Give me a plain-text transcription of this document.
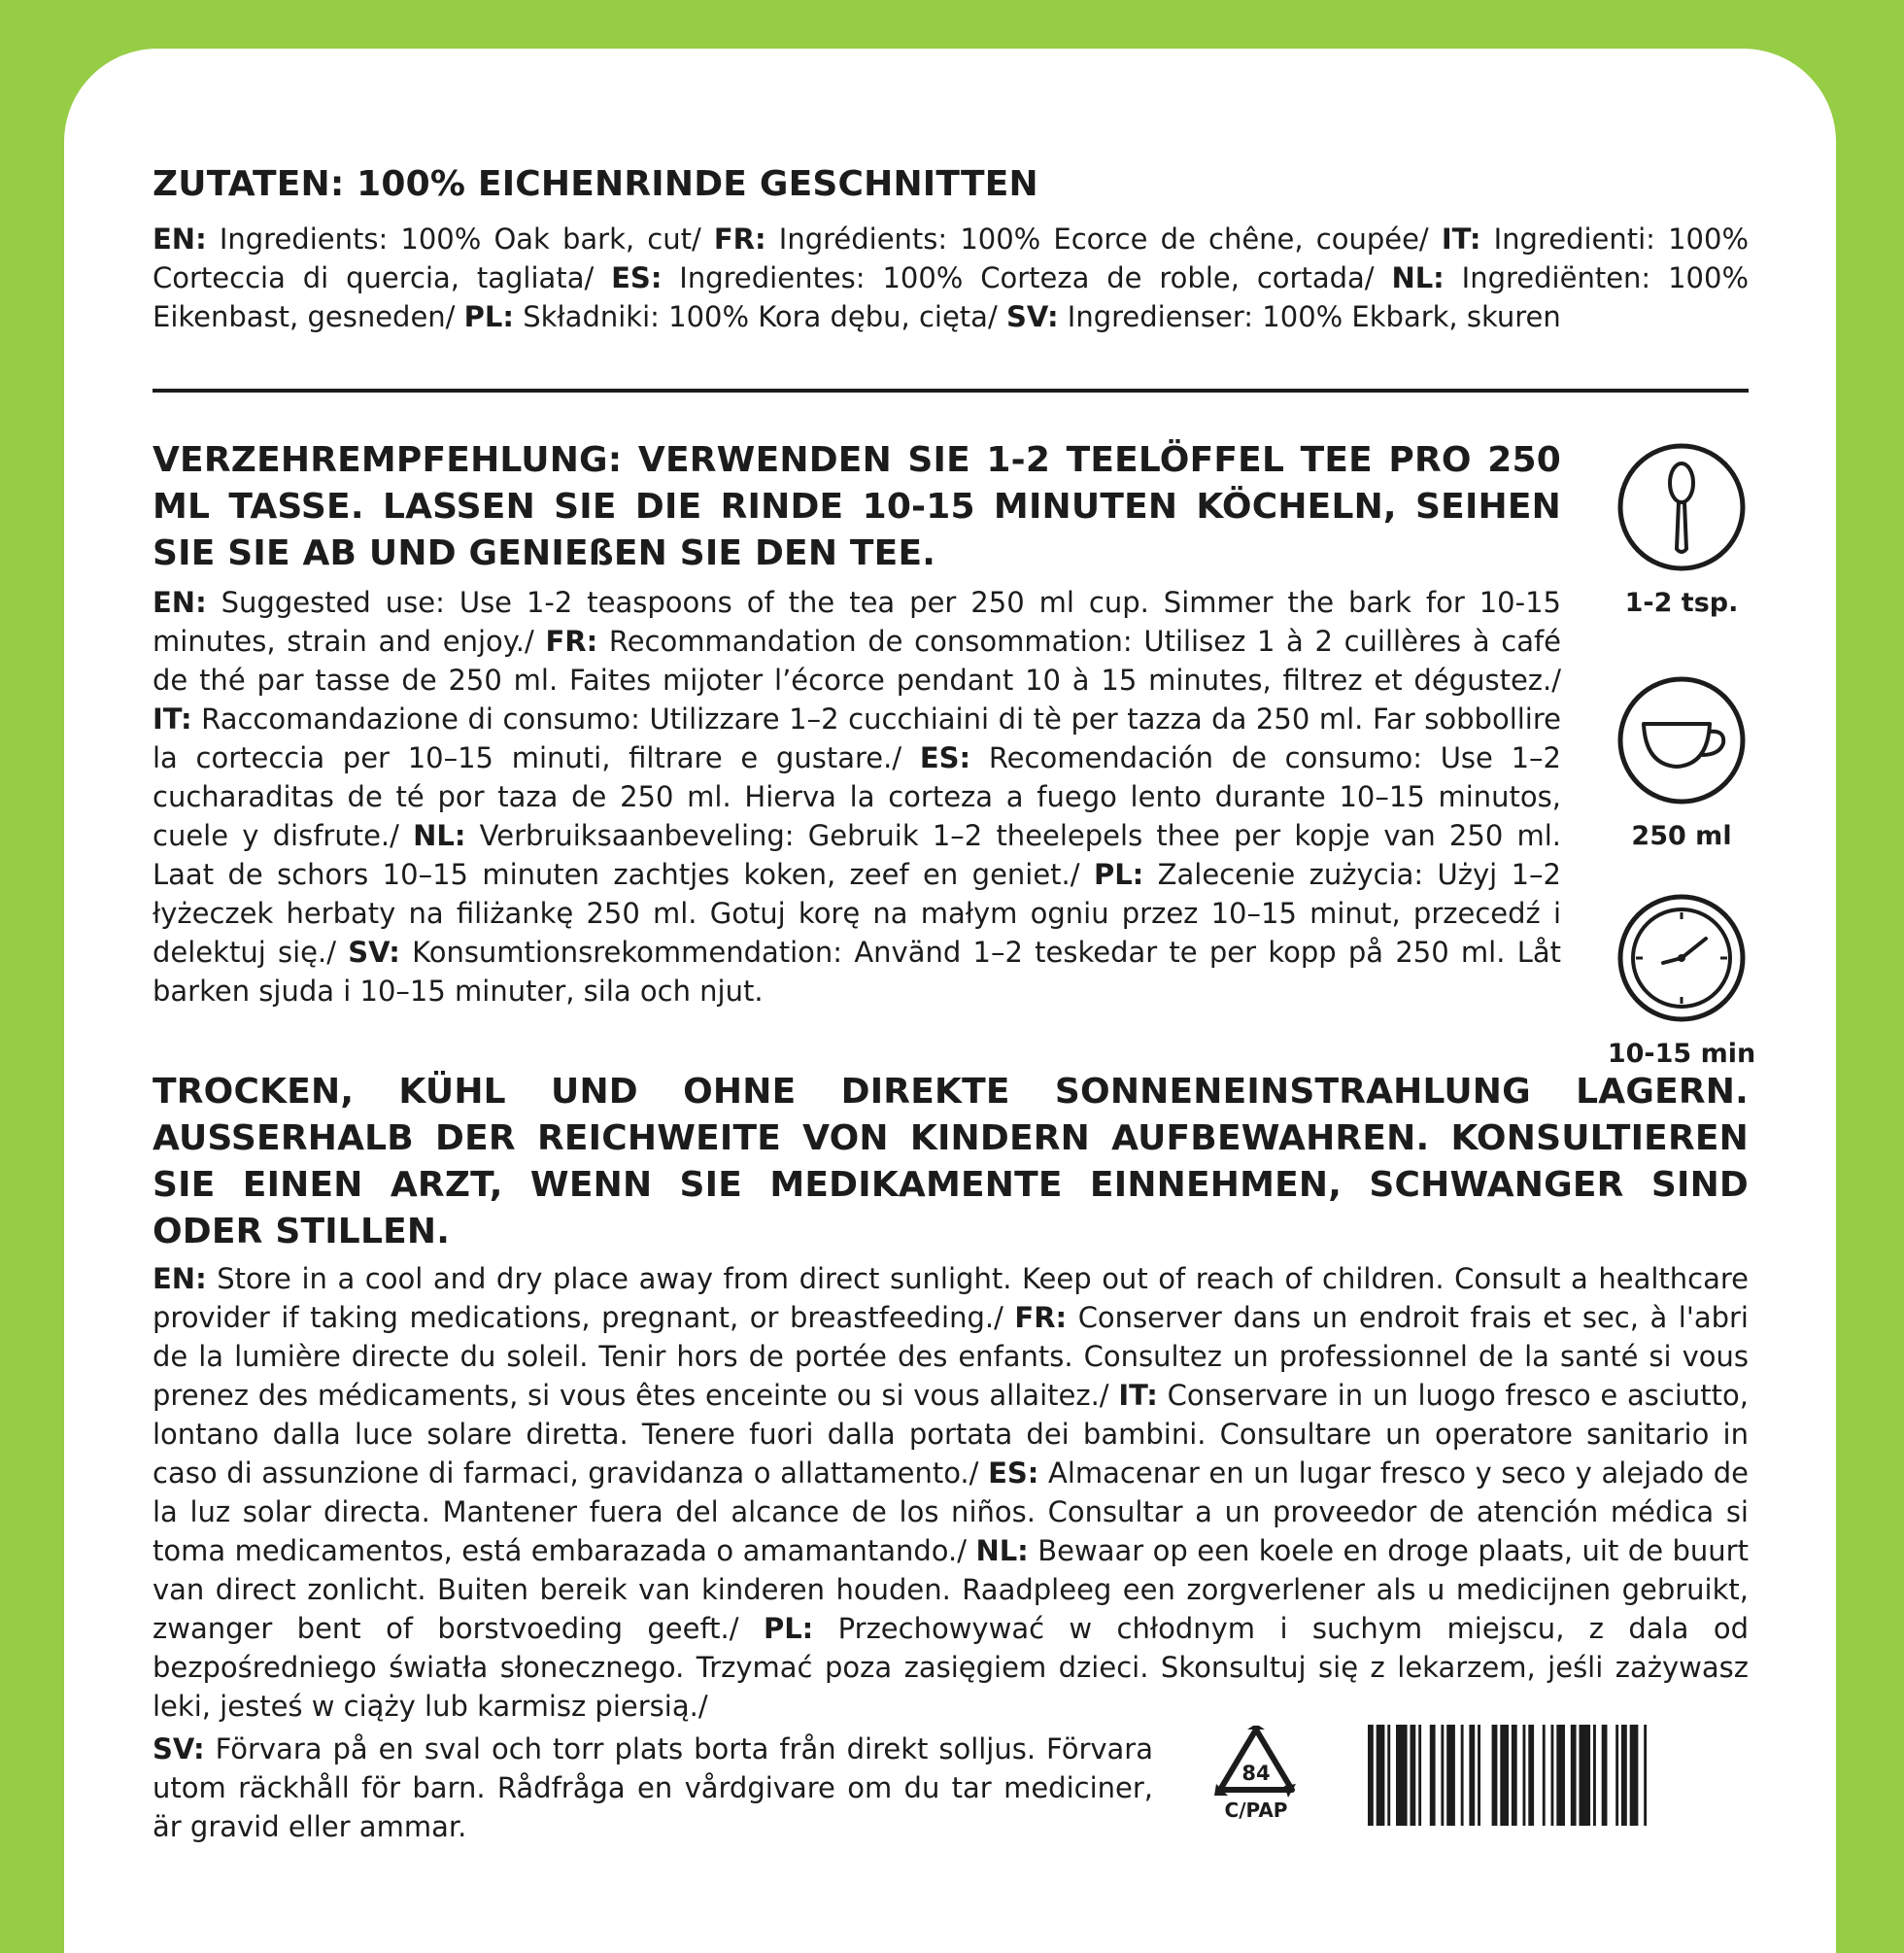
ZUTATEN: 100% EICHENRINDE GESCHNITTEN

EN: Ingredients: 100% Oak bark, cut/ FR: Ingrédients: 100% Ecorce de chêne, coupée/ IT: Ingredienti: 100% Corteccia di quercia, tagliata/ ES: Ingredientes: 100% Corteza de roble, cortada/ NL: Ingrediënten: 100% Eikenbast, gesneden/ PL: Składniki: 100% Kora dębu, cięta/ SV: Ingredienser: 100% Ekbark, skuren

VERZEHREMPFEHLUNG: VERWENDEN SIE 1-2 TEELÖFFEL TEE PRO 250 ML TASSE. LASSEN SIE DIE RINDE 10-15 MINUTEN KÖCHELN, SEIHEN SIE SIE AB UND GENIEßEN SIE DEN TEE.

EN: Suggested use: Use 1-2 teaspoons of the tea per 250 ml cup. Simmer the bark for 10-15 minutes, strain and enjoy./ FR: Recommandation de consommation: Utilisez 1 à 2 cuillères à café de thé par tasse de 250 ml. Faites mijoter l’écorce pendant 10 à 15 minutes, filtrez et dégustez./ IT: Raccomandazione di consumo: Utilizzare 1–2 cucchiaini di tè per tazza da 250 ml. Far sobbollire la corteccia per 10–15 minuti, filtrare e gustare./ ES: Recomendación de consumo: Use 1–2 cucharaditas de té por taza de 250 ml. Hierva la corteza a fuego lento durante 10–15 minutos, cuele y disfrute./ NL: Verbruiksaanbeveling: Gebruik 1–2 theelepels thee per kopje van 250 ml. Laat de schors 10–15 minuten zachtjes koken, zeef en geniet./ PL: Zalecenie zużycia: Użyj 1–2 łyżeczek herbaty na filiżankę 250 ml. Gotuj korę na małym ogniu przez 10–15 minut, przecedź i delektuj się./ SV: Konsumtionsrekommendation: Använd 1–2 teskedar te per kopp på 250 ml. Låt barken sjuda i 10–15 minuter, sila och njut.

1-2 tsp.
250 ml
10-15 min
TROCKEN, KÜHL UND OHNE DIREKTE SONNENEINSTRAHLUNG LAGERN. AUSSERHALB DER REICHWEITE VON KINDERN AUFBEWAHREN. KONSULTIEREN SIE EINEN ARZT, WENN SIE MEDIKAMENTE EINNEHMEN, SCHWANGER SIND ODER STILLEN.

EN: Store in a cool and dry place away from direct sunlight. Keep out of reach of children. Consult a healthcare provider if taking medications, pregnant, or breastfeeding./ FR: Conserver dans un endroit frais et sec, à l'abri de la lumière directe du soleil. Tenir hors de portée des enfants. Consultez un professionnel de la santé si vous prenez des médicaments, si vous êtes enceinte ou si vous allaitez./ IT: Conservare in un luogo fresco e asciutto, lontano dalla luce solare diretta. Tenere fuori dalla portata dei bambini. Consultare un operatore sanitario in caso di assunzione di farmaci, gravidanza o allattamento./ ES: Almacenar en un lugar fresco y seco y alejado de la luz solar directa. Mantener fuera del alcance de los niños. Consultar a un proveedor de atención médica si toma medicamentos, está embarazada o amamantando./ NL: Bewaar op een koele en droge plaats, uit de buurt van direct zonlicht. Buiten bereik van kinderen houden. Raadpleeg een zorgverlener als u medicijnen gebruikt, zwanger bent of borstvoeding geeft./ PL: Przechowywać w chłodnym i suchym miejscu, z dala od bezpośredniego światła słonecznego. Trzymać poza zasięgiem dzieci. Skonsultuj się z lekarzem, jeśli zażywasz leki, jesteś w ciąży lub karmisz piersią./

SV: Förvara på en sval och torr plats borta från direkt solljus. Förvara utom räckhåll för barn. Rådfråga en vårdgivare om du tar mediciner, är gravid eller ammar.

84
C/PAP
